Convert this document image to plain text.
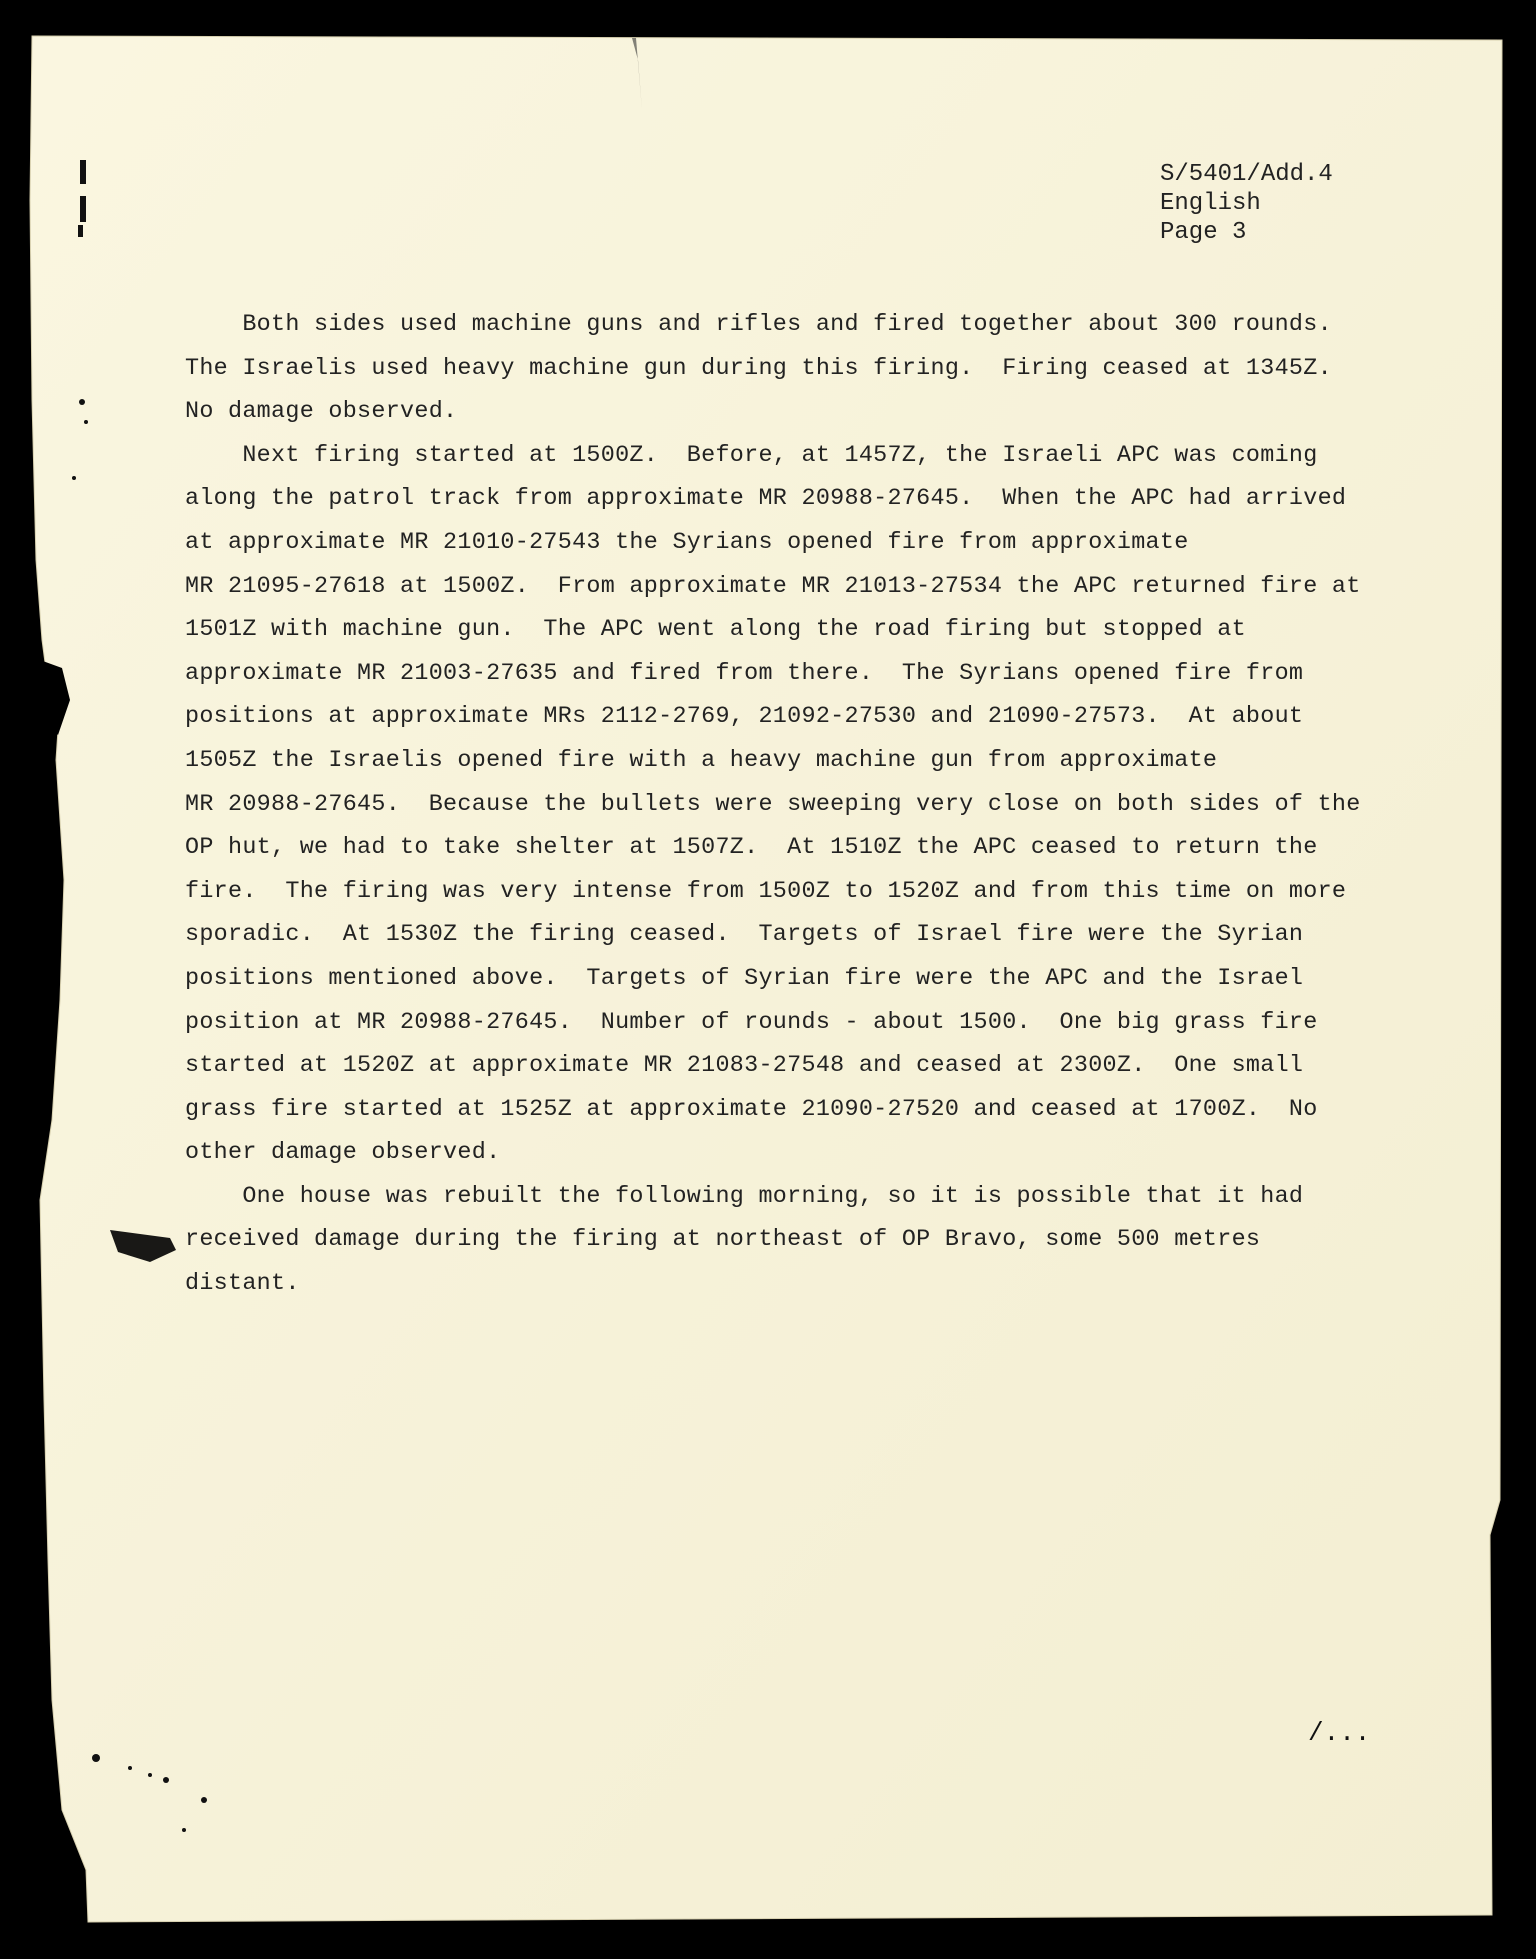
S/5401/Add.4
English
Page 3
Both sides used machine guns and rifles and fired together about 300 rounds.
The Israelis used heavy machine gun during this firing.  Firing ceased at 1345Z.
No damage observed.
Next firing started at 1500Z.  Before, at 1457Z, the Israeli APC was coming
along the patrol track from approximate MR 20988-27645.  When the APC had arrived
at approximate MR 21010-27543 the Syrians opened fire from approximate
MR 21095-27618 at 1500Z.  From approximate MR 21013-27534 the APC returned fire at
1501Z with machine gun.  The APC went along the road firing but stopped at
approximate MR 21003-27635 and fired from there.  The Syrians opened fire from
positions at approximate MRs 2112-2769, 21092-27530 and 21090-27573.  At about
1505Z the Israelis opened fire with a heavy machine gun from approximate
MR 20988-27645.  Because the bullets were sweeping very close on both sides of the
OP hut, we had to take shelter at 1507Z.  At 1510Z the APC ceased to return the
fire.  The firing was very intense from 1500Z to 1520Z and from this time on more
sporadic.  At 1530Z the firing ceased.  Targets of Israel fire were the Syrian
positions mentioned above.  Targets of Syrian fire were the APC and the Israel
position at MR 20988-27645.  Number of rounds - about 1500.  One big grass fire
started at 1520Z at approximate MR 21083-27548 and ceased at 2300Z.  One small
grass fire started at 1525Z at approximate 21090-27520 and ceased at 1700Z.  No
other damage observed.
One house was rebuilt the following morning, so it is possible that it had
received damage during the firing at northeast of OP Bravo, some 500 metres
distant.
/...
